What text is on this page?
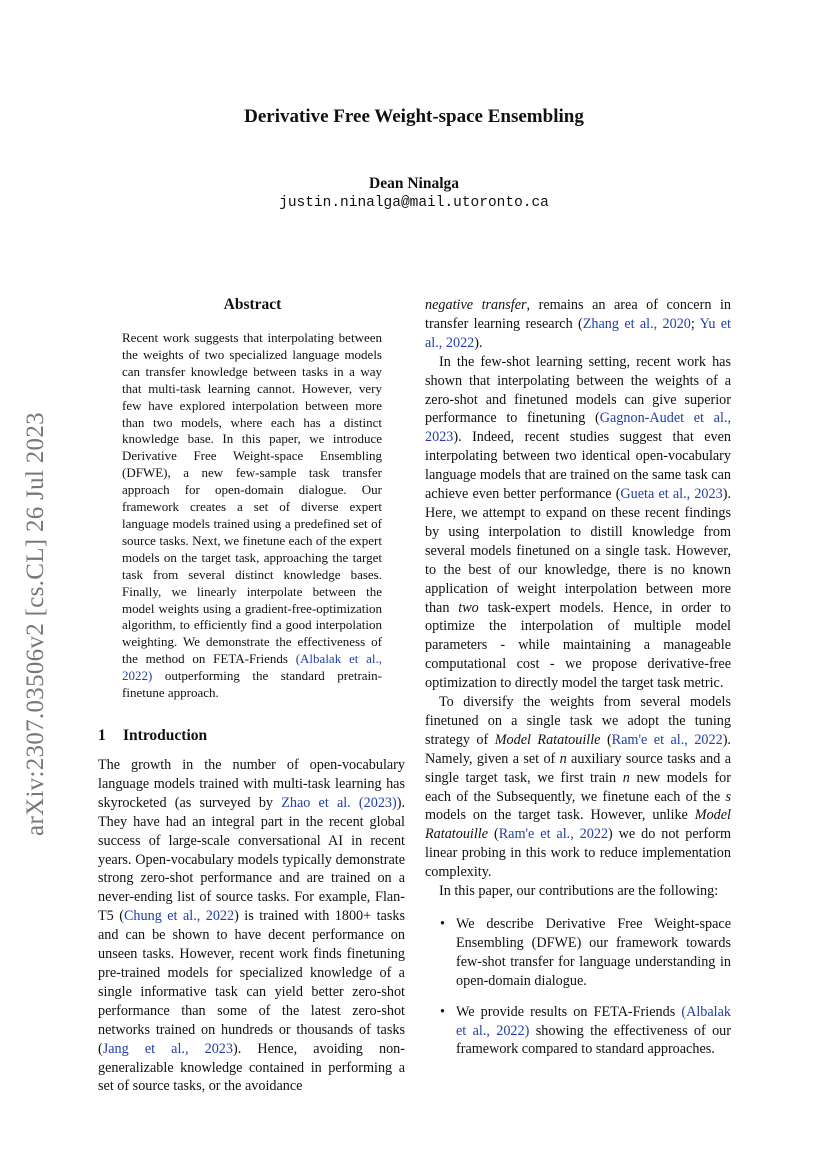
arXiv:2307.03506v2 [cs.CL] 26 Jul 2023
Derivative Free Weight-space Ensembling
Dean Ninalga
justin.ninalga@mail.utoronto.ca
Abstract
Recent work suggests that interpolating between the weights of two specialized language models can transfer knowledge between tasks in a way that multi-task learning cannot. However, very few have explored interpolation between more than two models, where each has a distinct knowledge base. In this paper, we introduce Derivative Free Weight-space Ensembling (DFWE), a new few-sample task transfer approach for open-domain dialogue. Our framework creates a set of diverse expert language models trained using a predefined set of source tasks. Next, we finetune each of the expert models on the target task, approaching the target task from several distinct knowledge bases. Finally, we linearly interpolate between the model weights using a gradient-free-optimization algorithm, to efficiently find a good interpolation weighting. We demonstrate the effectiveness of the method on FETA-Friends (Albalak et al., 2022) outperforming the standard pretrain-finetune approach.
1 Introduction

The growth in the number of open-vocabulary language models trained with multi-task learning has skyrocketed (as surveyed by Zhao et al. (2023)). They have had an integral part in the recent global success of large-scale conversational AI in recent years. Open-vocabulary models typically demonstrate strong zero-shot performance and are trained on a never-ending list of source tasks. For example, Flan-T5 (Chung et al., 2022) is trained with 1800+ tasks and can be shown to have decent performance on unseen tasks. However, recent work finds finetuning pre-trained models for specialized knowledge of a single informative task can yield better zero-shot performance than some of the latest zero-shot networks trained on hundreds or thousands of tasks (Jang et al., 2023). Hence, avoiding non-generalizable knowledge contained in performing a set of source tasks, or the avoidance

negative transfer, remains an area of concern in transfer learning research (Zhang et al., 2020; Yu et al., 2022).

In the few-shot learning setting, recent work has shown that interpolating between the weights of a zero-shot and finetuned models can give superior performance to finetuning (Gagnon-Audet et al., 2023). Indeed, recent studies suggest that even interpolating between two identical open-vocabulary language models that are trained on the same task can achieve even better performance (Gueta et al., 2023). Here, we attempt to expand on these recent findings by using interpolation to distill knowledge from several models finetuned on a single task. However, to the best of our knowledge, there is no known application of weight interpolation between more than two task-expert models. Hence, in order to optimize the interpolation of multiple model parameters - while maintaining a manageable computational cost - we propose derivative-free optimization to directly model the target task metric.

To diversify the weights from several models finetuned on a single task we adopt the tuning strategy of Model Ratatouille (Ram'e et al., 2022). Namely, given a set of n auxiliary source tasks and a single target task, we first train n new models for each of the Subsequently, we finetune each of the s models on the target task. However, unlike Model Ratatouille (Ram'e et al., 2022) we do not perform linear probing in this work to reduce implementation complexity.

In this paper, our contributions are the following:

• We describe Derivative Free Weight-space Ensembling (DFWE) our framework towards few-shot transfer for language understanding in open-domain dialogue.
• We provide results on FETA-Friends (Albalak et al., 2022) showing the effectiveness of our framework compared to standard approaches.
